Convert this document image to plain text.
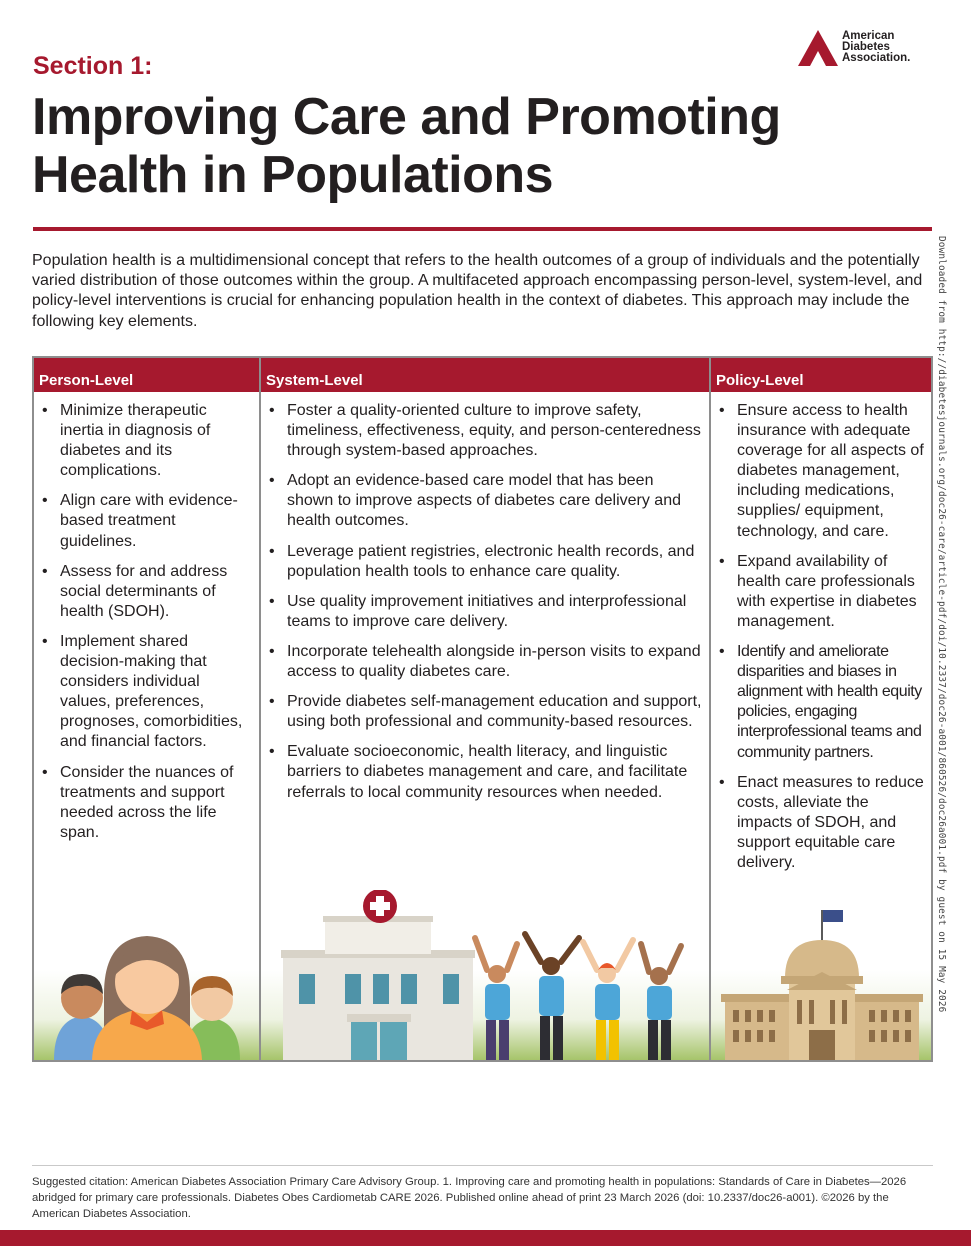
Section 1:
Improving Care and Promoting Health in Populations
American
Diabetes
Association.

Population health is a multidimensional concept that refers to the health outcomes of a group of individuals and the potentially varied distribution of those outcomes within the group. A multifaceted approach encompassing person-level, system-level, and policy-level interventions is crucial for enhancing population health in the context of diabetes. This approach may include the following key elements.	Downloaded from http://diabetesjournals.org/doc26-care/article-pdf/doi/10.2337/doc26-a001/860526/doc26a001.pdf by guest on 15 May 2026
Person-Level
• Minimize therapeutic inertia in diagnosis of diabetes and its complications.
• Align care with evidence-based treatment guidelines.
• Assess for and address social determinants of health (SDOH).
• Implement shared decision-making that considers individual values, preferences, prognoses, comorbidities, and financial factors.
• Consider the nuances of treatments and support needed across the life span.
System-Level
• Foster a quality-oriented culture to improve safety, timeliness, effectiveness, equity, and person-centeredness through system-based approaches.
• Adopt an evidence-based care model that has been shown to improve aspects of diabetes care delivery and health outcomes.
• Leverage patient registries, electronic health records, and population health tools to enhance care quality.
• Use quality improvement initiatives and interprofessional teams to improve care delivery.
• Incorporate telehealth alongside in-person visits to expand access to quality diabetes care.
• Provide diabetes self-management education and support, using both professional and community-based resources.
• Evaluate socioeconomic, health literacy, and linguistic barriers to diabetes management and care, and facilitate referrals to local community resources when needed.
Policy-Level
• Ensure access to health insurance with adequate coverage for all aspects of diabetes management, including medications, supplies/ equipment, technology, and care.
• Expand availability of health care professionals with expertise in diabetes management.
• Identify and ameliorate disparities and biases in alignment with health equity policies, engaging interprofessional teams and community partners.
• Enact measures to reduce costs, alleviate the impacts of SDOH, and support equitable care delivery.

Suggested citation: American Diabetes Association Primary Care Advisory Group. 1. Improving care and promoting health in populations: Standards of Care in Diabetes—2026 abridged for primary care professionals. Diabetes Obes Cardiometab CARE 2026. Published online ahead of print 23 March 2026 (doi: 10.2337/doc26-a001). ©2026 by the American Diabetes Association.
